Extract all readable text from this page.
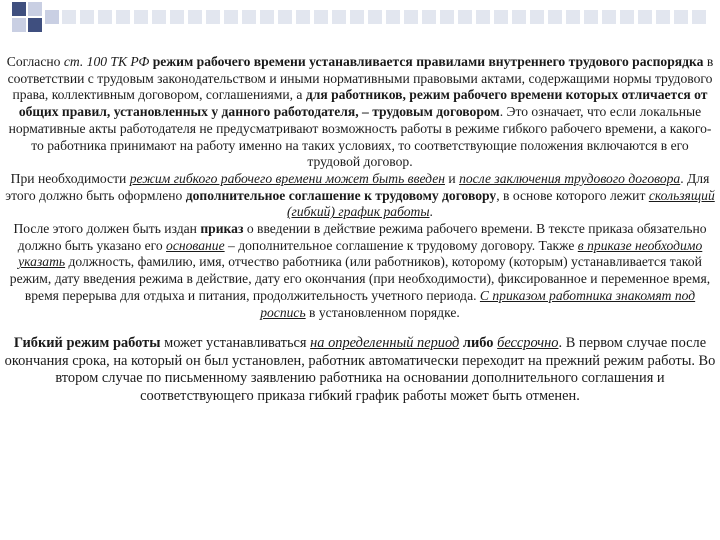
Согласно ст. 100 ТК РФ режим рабочего времени устанавливается правилами внутреннего трудового распорядка в соответствии с трудовым законодательством и иными нормативными правовыми актами, содержащими нормы трудового права, коллективным договором, соглашениями, а для работников, режим рабочего времени которых отличается от общих правил, установленных у данного работодателя, – трудовым договором. Это означает, что если локальные нормативные акты работодателя не предусматривают возможность работы в режиме гибкого рабочего времени, а какого-то работника принимают на работу именно на таких условиях, то соответствующие положения включаются в его трудовой договор.

При необходимости режим гибкого рабочего времени может быть введен и после заключения трудового договора. Для этого должно быть оформлено дополнительное соглашение к трудовому договору, в основе которого лежит скользящий (гибкий) график работы.

После этого должен быть издан приказ о введении в действие режима рабочего времени. В тексте приказа обязательно должно быть указано его основание – дополнительное соглашение к трудовому договору. Также в приказе необходимо указать должность, фамилию, имя, отчество работника (или работников), которому (которым) устанавливается такой режим, дату введения режима в действие, дату его окончания (при необходимости), фиксированное и переменное время, время перерыва для отдыха и питания, продолжительность учетного периода. С приказом работника знакомят под роспись в установленном порядке.

Гибкий режим работы может устанавливаться на определенный период либо бессрочно. В первом случае после окончания срока, на который он был установлен, работник автоматически переходит на прежний режим работы. Во втором случае по письменному заявлению работника на основании дополнительного соглашения и соответствующего приказа гибкий график работы может быть отменен.
